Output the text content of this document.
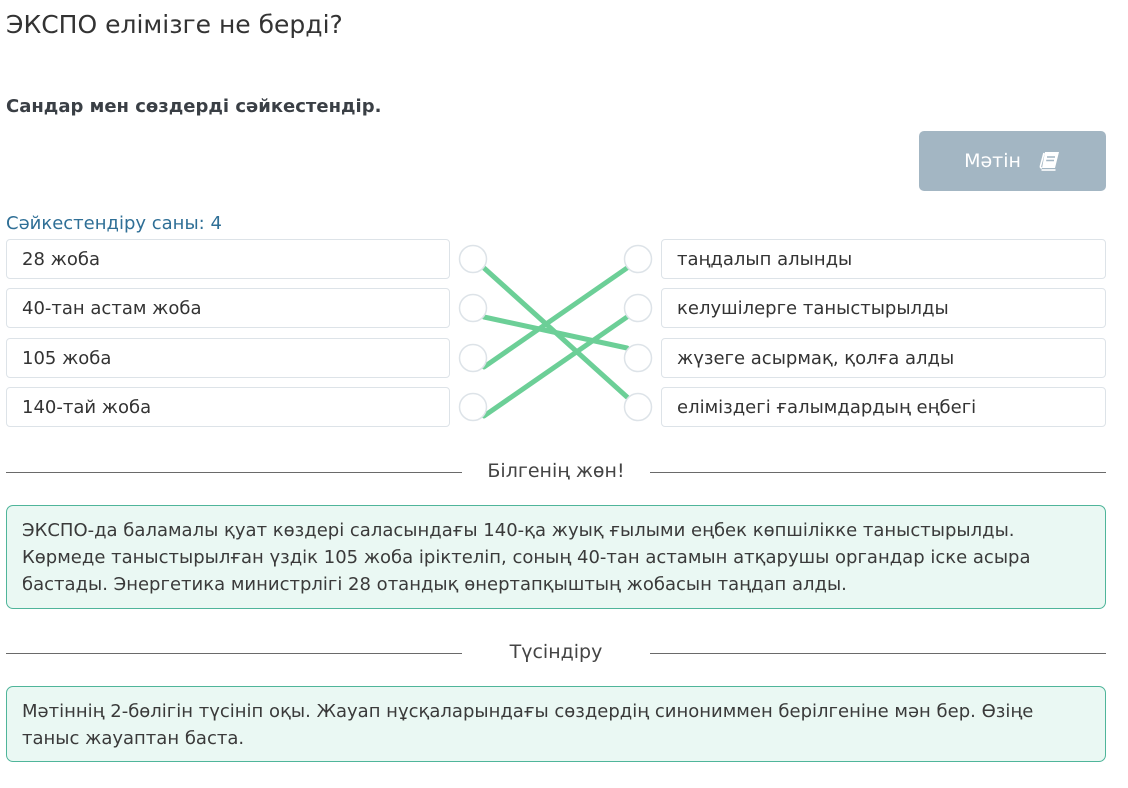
ЭКСПО елімізге не берді?
Сандар мен сөздерді сәйкестендір.
Мәтін
Сәйкестендіру саны: 4
28 жоба
40-тан астам жоба
105 жоба
140-тай жоба
таңдалып алынды
келушілерге таныстырылды
жүзеге асырмақ, қолға алды
еліміздегі ғалымдардың еңбегі
Білгенің жөн!
ЭКСПО-да баламалы қуат көздері саласындағы 140-қа жуық ғылыми еңбек көпшілікке таныстырылды. Көрмеде таныстырылған үздік 105 жоба іріктеліп, соның 40-тан астамын атқарушы органдар іске асыра бастады. Энергетика министрлігі 28 отандық өнертапқыштың жобасын таңдап алды.
Түсіндіру
Мәтіннің 2-бөлігін түсініп оқы. Жауап нұсқаларындағы сөздердің синониммен берілгеніне мән бер. Өзіңе таныс жауаптан баста.
